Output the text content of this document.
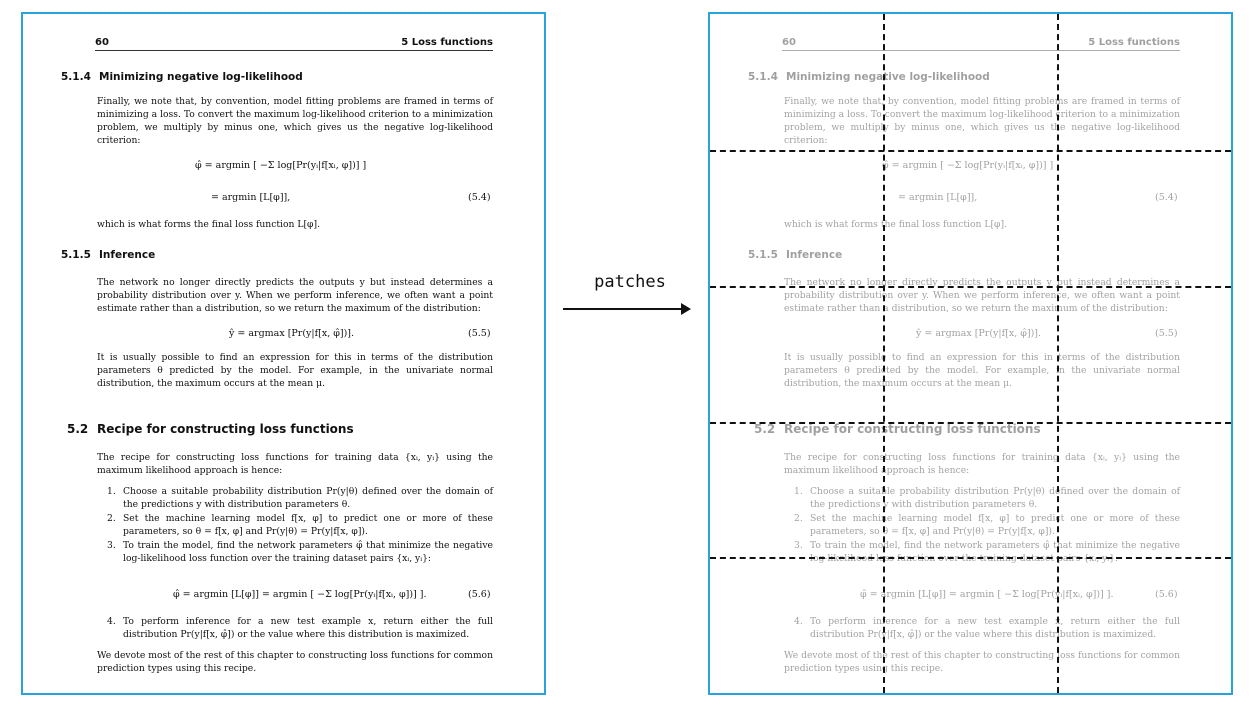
60	5 Loss functions
5.1.4 Minimizing negative log-likelihood
Finally, we note that, by convention, model fitting problems are framed in terms of minimizing a loss. To convert the maximum log-likelihood criterion to a minimization problem, we multiply by minus one, which gives us the negative log-likelihood criterion:
φ̂ = argmin [ −Σ log[Pr(yᵢ|f[xᵢ, φ])] ]
= argmin [L[φ]],	(5.4)
which is what forms the final loss function L[φ].
5.1.5 Inference
The network no longer directly predicts the outputs y but instead determines a probability distribution over y. When we perform inference, we often want a point estimate rather than a distribution, so we return the maximum of the distribution:
ŷ = argmax [Pr(y|f[x, φ̂])].	(5.5)
It is usually possible to find an expression for this in terms of the distribution parameters θ predicted by the model. For example, in the univariate normal distribution, the maximum occurs at the mean μ.
5.2 Recipe for constructing loss functions
The recipe for constructing loss functions for training data {xᵢ, yᵢ} using the maximum likelihood approach is hence:
1. Choose a suitable probability distribution Pr(y|θ) defined over the domain of the predictions y with distribution parameters θ.
2. Set the machine learning model f[x, φ] to predict one or more of these parameters, so θ = f[x, φ] and Pr(y|θ) = Pr(y|f[x, φ]).
3. To train the model, find the network parameters φ̂ that minimize the negative log-likelihood loss function over the training dataset pairs {xᵢ, yᵢ}:
φ̂ = argmin [L[φ]] = argmin [ −Σ log[Pr(yᵢ|f[xᵢ, φ])] ].	(5.6)
4. To perform inference for a new test example x, return either the full distribution Pr(y|f[x, φ̂]) or the value where this distribution is maximized.
We devote most of the rest of this chapter to constructing loss functions for common prediction types using this recipe.
patches
60	5 Loss functions
5.1.4 Minimizing negative log-likelihood
Finally, we note that, by convention, model fitting problems are framed in terms of minimizing a loss. To convert the maximum log-likelihood criterion to a minimization problem, we multiply by minus one, which gives us the negative log-likelihood criterion:
φ̂ = argmin [ −Σ log[Pr(yᵢ|f[xᵢ, φ])] ]
= argmin [L[φ]],	(5.4)
which is what forms the final loss function L[φ].
5.1.5 Inference
The network no longer directly predicts the outputs y but instead determines a probability distribution over y. When we perform inference, we often want a point estimate rather than a distribution, so we return the maximum of the distribution:
ŷ = argmax [Pr(y|f[x, φ̂])].	(5.5)
It is usually possible to find an expression for this in terms of the distribution parameters θ predicted by the model. For example, in the univariate normal distribution, the maximum occurs at the mean μ.
5.2 Recipe for constructing loss functions
The recipe for constructing loss functions for training data {xᵢ, yᵢ} using the maximum likelihood approach is hence:
1. Choose a suitable probability distribution Pr(y|θ) defined over the domain of the predictions y with distribution parameters θ.
2. Set the machine learning model f[x, φ] to predict one or more of these parameters, so θ = f[x, φ] and Pr(y|θ) = Pr(y|f[x, φ]).
3. To train the model, find the network parameters φ̂ that minimize the negative log-likelihood loss function over the training dataset pairs {xᵢ, yᵢ}:
φ̂ = argmin [L[φ]] = argmin [ −Σ log[Pr(yᵢ|f[xᵢ, φ])] ].	(5.6)
4. To perform inference for a new test example x, return either the full distribution Pr(y|f[x, φ̂]) or the value where this distribution is maximized.
We devote most of the rest of this chapter to constructing loss functions for common prediction types using this recipe.
